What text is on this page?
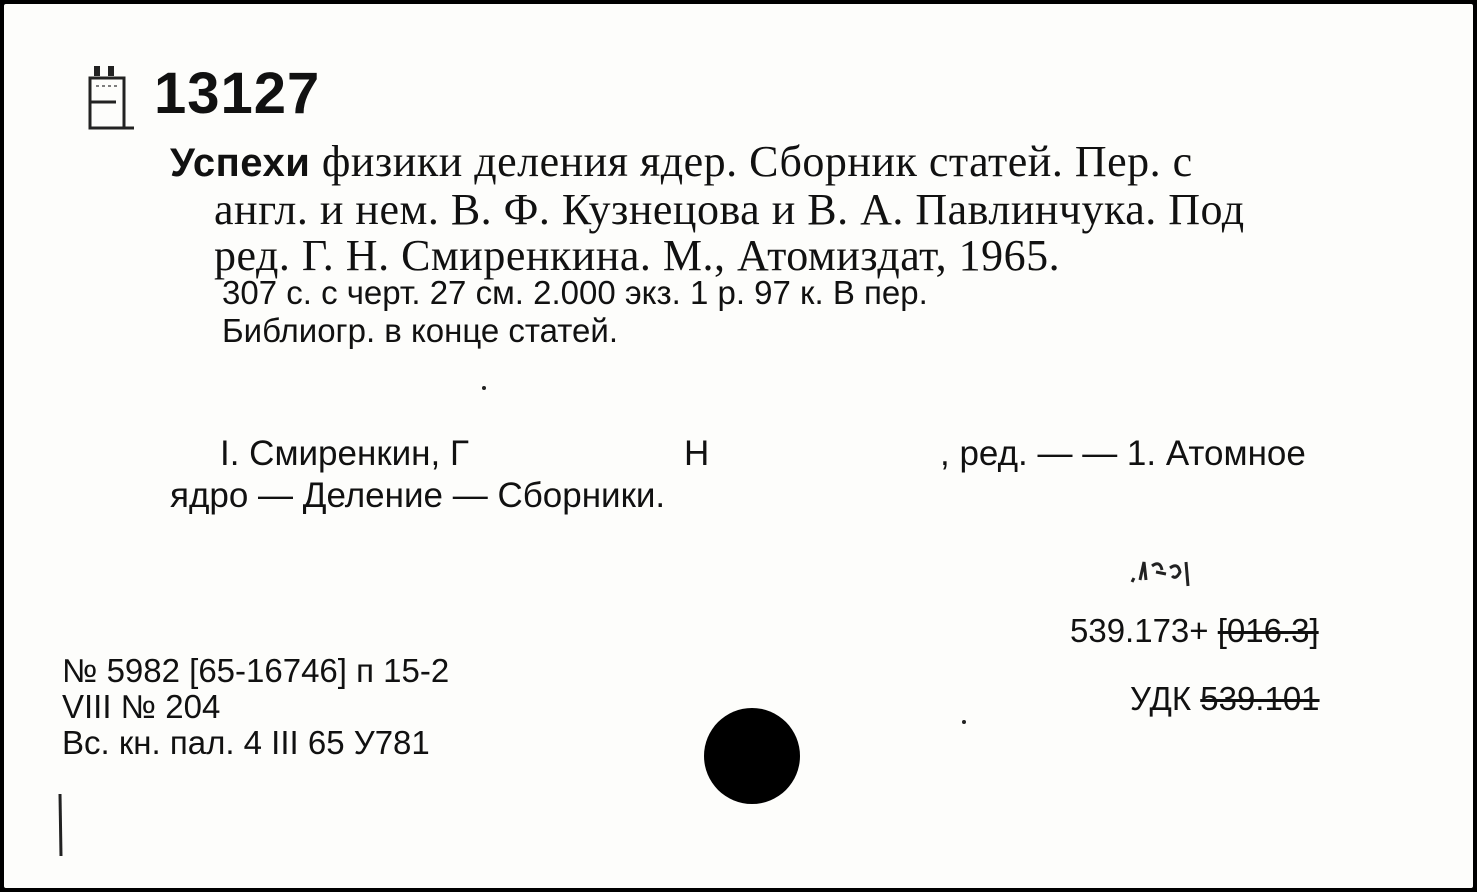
13127
Успехи физики деления ядер. Сборник статей. Пер. с
англ. и нем. В. Ф. Кузнецова и В. А. Павлинчука. Под
ред. Г. Н. Смиренкина. М., Атомиздат, 1965.
307 с. с черт. 27 см. 2.000 экз. 1 р. 97 к. В пер.
Библиогр. в конце статей.
I. Смиренкин, Г	Н	, ред. — — 1. Атомное
ядро — Деление — Сборники.
539.173+ [016.3]
УДК 539.101
№ 5982 [65-16746] п 15-2
VIII № 204
Вс. кн. пал. 4 III 65 У781
